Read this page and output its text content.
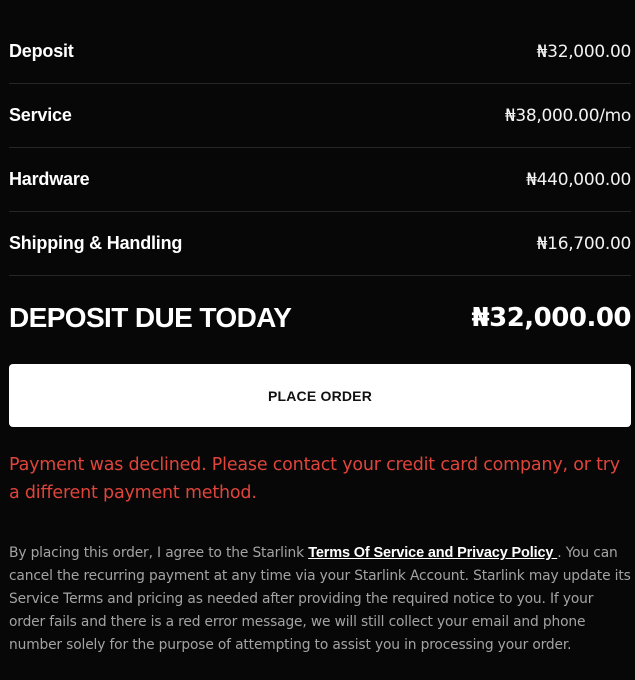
Deposit	₦32,000.00
Service	₦38,000.00/mo
Hardware	₦440,000.00
Shipping & Handling	₦16,700.00
DEPOSIT DUE TODAY	₦32,000.00
PLACE ORDER
Payment was declined. Please contact your credit card company, or try a different payment method.
By placing this order, I agree to the Starlink Terms Of Service and Privacy Policy . You can cancel the recurring payment at any time via your Starlink Account. Starlink may update its Service Terms and pricing as needed after providing the required notice to you. If your order fails and there is a red error message, we will still collect your email and phone number solely for the purpose of attempting to assist you in processing your order.
